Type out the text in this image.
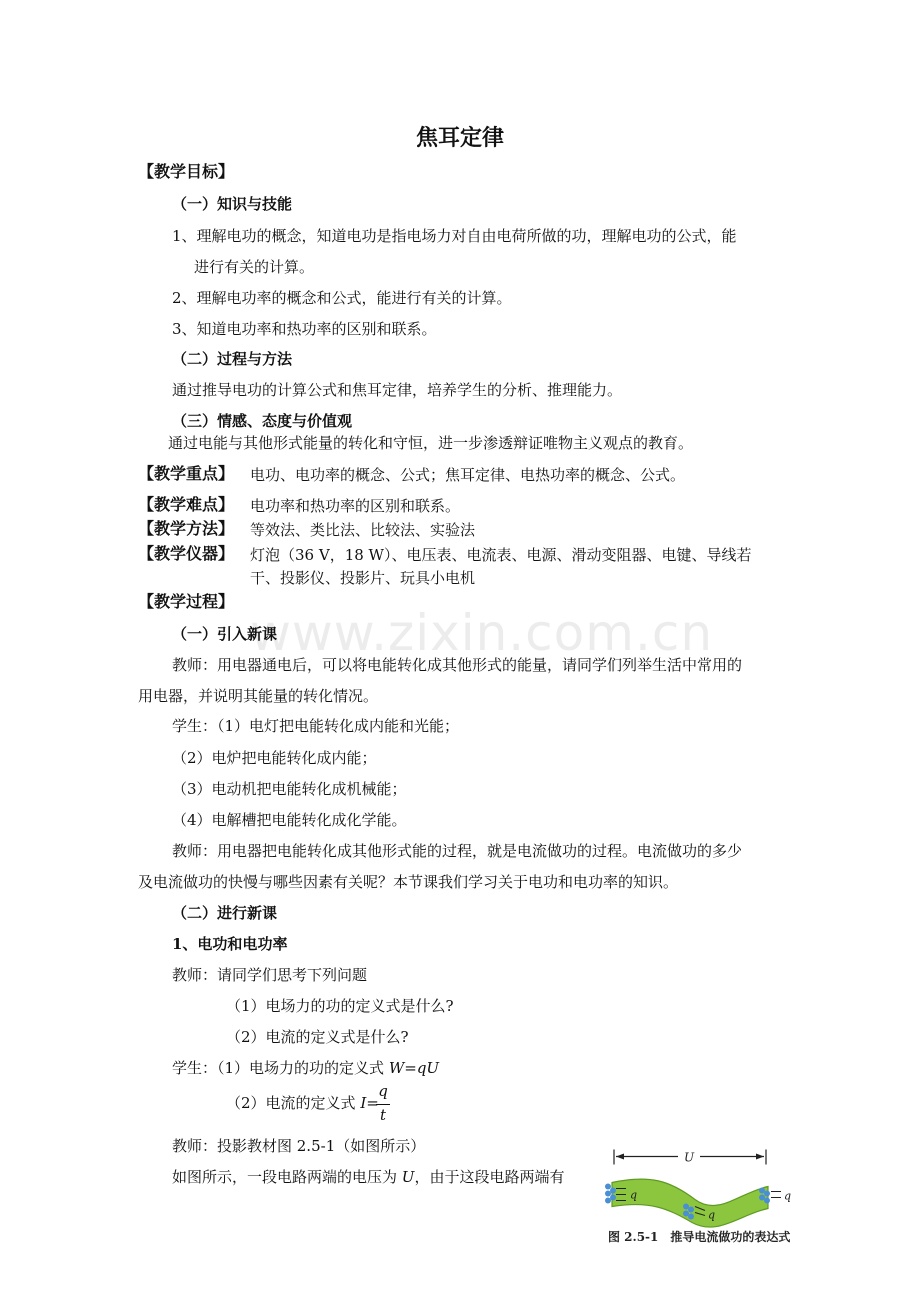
www.zixin.com.cn
焦耳定律
【教学目标】
（一）知识与技能
1、理解电功的概念，知道电功是指电场力对自由电荷所做的功，理解电功的公式，能
进行有关的计算。
2、理解电功率的概念和公式，能进行有关的计算。
3、知道电功率和热功率的区别和联系。
（二）过程与方法
通过推导电功的计算公式和焦耳定律，培养学生的分析、推理能力。
（三）情感、态度与价值观
通过电能与其他形式能量的转化和守恒，进一步渗透辩证唯物主义观点的教育。
【教学重点】 电功、电功率的概念、公式；焦耳定律、电热功率的概念、公式。
【教学难点】 电功率和热功率的区别和联系。
【教学方法】 等效法、类比法、比较法、实验法
【教学仪器】 灯泡（36 V，18 W）、电压表、电流表、电源、滑动变阻器、电键、导线若
干、投影仪、投影片、玩具小电机
【教学过程】
（一）引入新课
教师：用电器通电后，可以将电能转化成其他形式的能量，请同学们列举生活中常用的
用电器，并说明其能量的转化情况。
学生：（1）电灯把电能转化成内能和光能；
（2）电炉把电能转化成内能；
（3）电动机把电能转化成机械能；
（4）电解槽把电能转化成化学能。
教师：用电器把电能转化成其他形式能的过程，就是电流做功的过程。电流做功的多少
及电流做功的快慢与哪些因素有关呢？本节课我们学习关于电功和电功率的知识。
（二）进行新课
1、电功和电功率
教师：请同学们思考下列问题
（1）电场力的功的定义式是什么?
（2）电流的定义式是什么?
学生：（1）电场力的功的定义式 W=qU
（2）电流的定义式 I=
q
t
教师：投影教材图 2.5-1（如图所示）
如图所示，一段电路两端的电压为 U，由于这段电路两端有
U
q
q
q
图 2.5-1　推导电流做功的表达式
